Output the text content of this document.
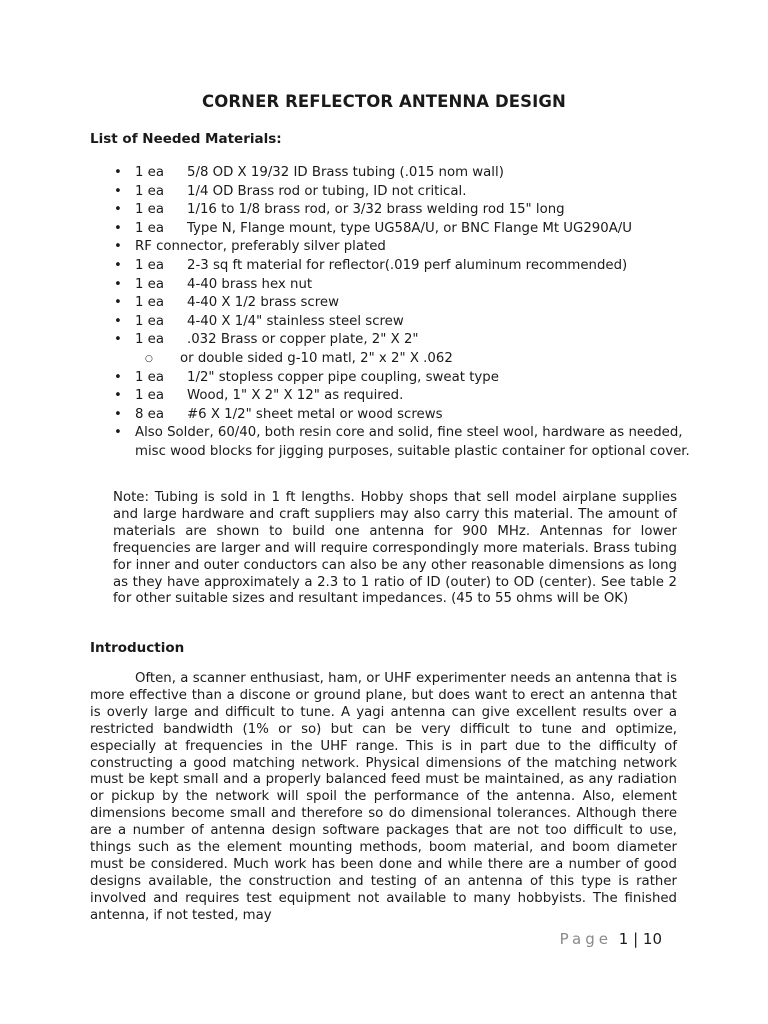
CORNER REFLECTOR ANTENNA DESIGN
List of Needed Materials:
• 1 ea 5/8 OD X 19/32 ID Brass tubing (.015 nom wall)
• 1 ea 1/4 OD Brass rod or tubing, ID not critical.
• 1 ea 1/16 to 1/8 brass rod, or 3/32 brass welding rod 15" long
• 1 ea Type N, Flange mount, type UG58A/U, or BNC Flange Mt UG290A/U
• RF connector, preferably silver plated
• 1 ea 2-3 sq ft material for reflector(.019 perf aluminum recommended)
• 1 ea 4-40 brass hex nut
• 1 ea 4-40 X 1/2 brass screw
• 1 ea 4-40 X 1/4" stainless steel screw
• 1 ea .032 Brass or copper plate, 2" X 2"
○ or double sided g-10 matl, 2" x 2" X .062
• 1 ea 1/2" stopless copper pipe coupling, sweat type
• 1 ea Wood, 1" X 2" X 12" as required.
• 8 ea #6 X 1/2" sheet metal or wood screws
• Also Solder, 60/40, both resin core and solid, fine steel wool, hardware as needed, misc wood blocks for jigging purposes, suitable plastic container for optional cover.

Note: Tubing is sold in 1 ft lengths. Hobby shops that sell model airplane supplies and large hardware and craft suppliers may also carry this material. The amount of materials are shown to build one antenna for 900 MHz. Antennas for lower frequencies are larger and will require correspondingly more materials. Brass tubing for inner and outer conductors can also be any other reasonable dimensions as long as they have approximately a 2.3 to 1 ratio of ID (outer) to OD (center). See table 2 for other suitable sizes and resultant impedances. (45 to 55 ohms will be OK)

Introduction

Often, a scanner enthusiast, ham, or UHF experimenter needs an antenna that is more effective than a discone or ground plane, but does want to erect an antenna that is overly large and difficult to tune. A yagi antenna can give excellent results over a restricted bandwidth (1% or so) but can be very difficult to tune and optimize, especially at frequencies in the UHF range. This is in part due to the difficulty of constructing a good matching network. Physical dimensions of the matching network must be kept small and a properly balanced feed must be maintained, as any radiation or pickup by the network will spoil the performance of the antenna. Also, element dimensions become small and therefore so do dimensional tolerances. Although there are a number of antenna design software packages that are not too difficult to use, things such as the element mounting methods, boom material, and boom diameter must be considered. Much work has been done and while there are a number of good designs available, the construction and testing of an antenna of this type is rather involved and requires test equipment not available to many hobbyists. The finished antenna, if not tested, may

Page 1 | 10
